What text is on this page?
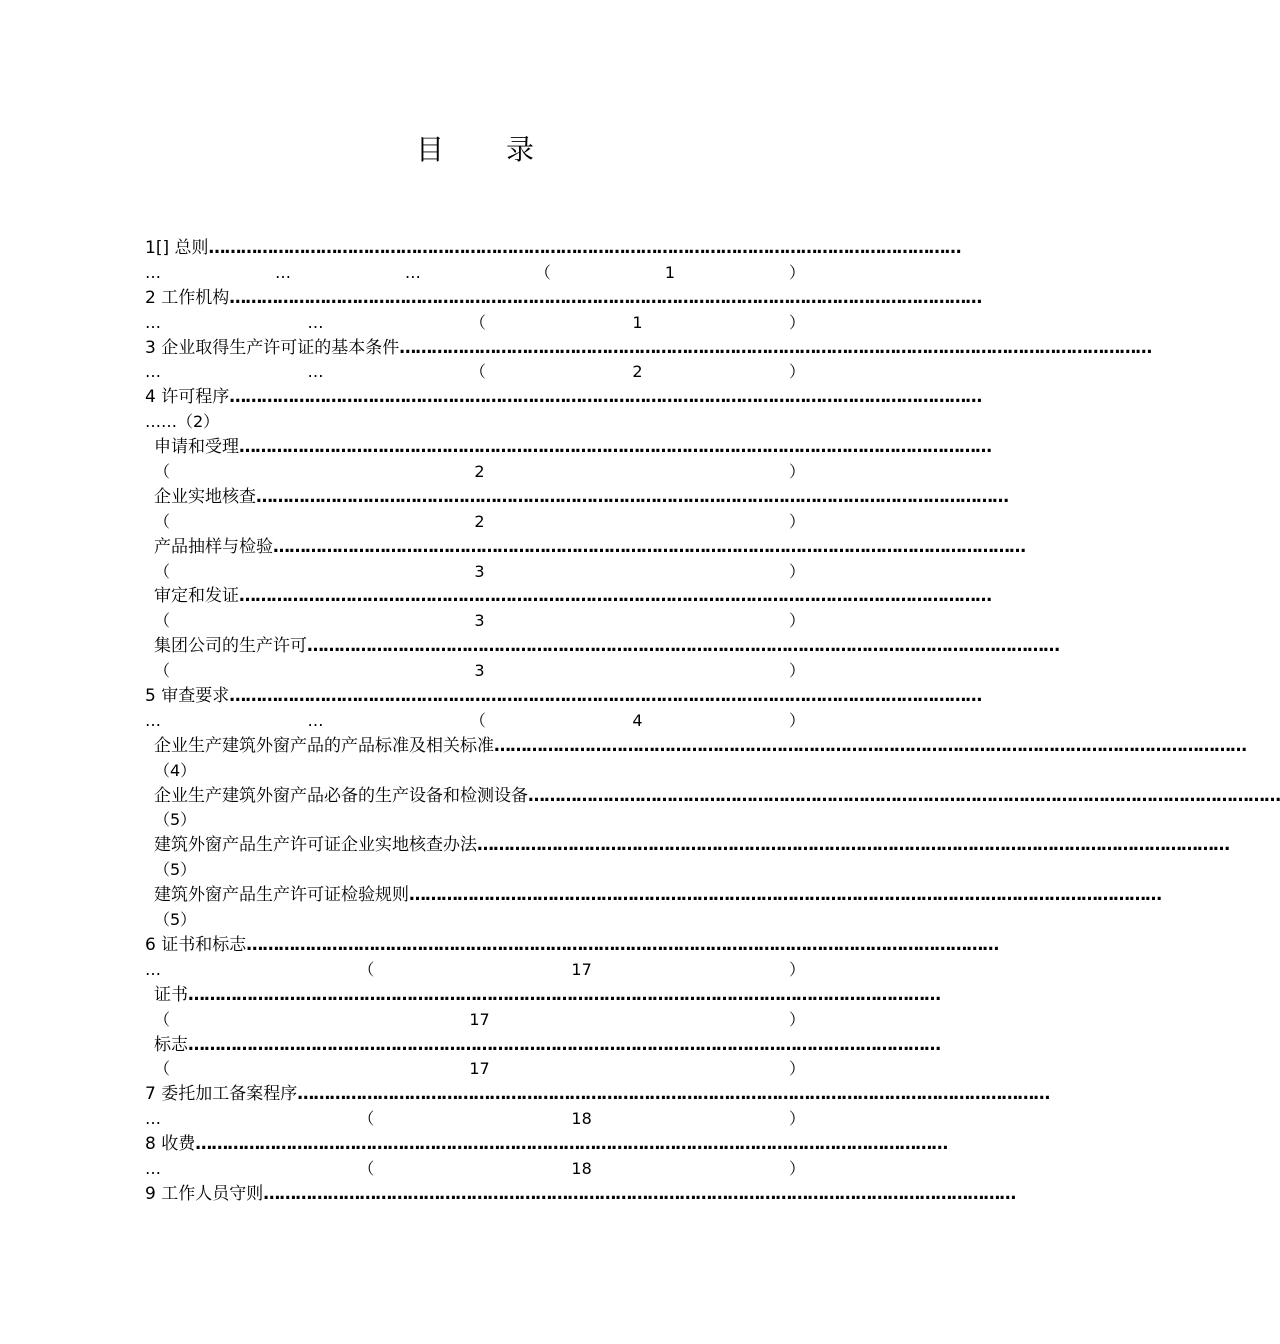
目 录
1[] 总则 ……………………………………………………………………………………………………………………………
…	…	…	（	1	）
2 工作机构 ……………………………………………………………………………………………………………………………
…	…	（	1	）
3 企业取得生产许可证的基本条件 ……………………………………………………………………………………………………………………………
…	…	（	2	）
4 许可程序 ……………………………………………………………………………………………………………………………
……（2）
申请和受理 ……………………………………………………………………………………………………………………………
（	2	）
企业实地核查 ……………………………………………………………………………………………………………………………
（	2	）
产品抽样与检验 ……………………………………………………………………………………………………………………………
（	3	）
审定和发证 ……………………………………………………………………………………………………………………………
（	3	）
集团公司的生产许可 ……………………………………………………………………………………………………………………………
（	3	）
5 审查要求 ……………………………………………………………………………………………………………………………
…	…	（	4	）
企业生产建筑外窗产品的产品标准及相关标准 ……………………………………………………………………………………………………………………………
（4）
企业生产建筑外窗产品必备的生产设备和检测设备 ……………………………………………………………………………………………………………………………
（5）
建筑外窗产品生产许可证企业实地核查办法 ……………………………………………………………………………………………………………………………
（5）
建筑外窗产品生产许可证检验规则 ……………………………………………………………………………………………………………………………
（5）
6 证书和标志 ……………………………………………………………………………………………………………………………
…	（	17	）
证书 ……………………………………………………………………………………………………………………………
（	17	）
标志 ……………………………………………………………………………………………………………………………
（	17	）
7 委托加工备案程序 ……………………………………………………………………………………………………………………………
…	（	18	）
8 收费 ……………………………………………………………………………………………………………………………
…	（	18	）
9 工作人员守则 ……………………………………………………………………………………………………………………………
